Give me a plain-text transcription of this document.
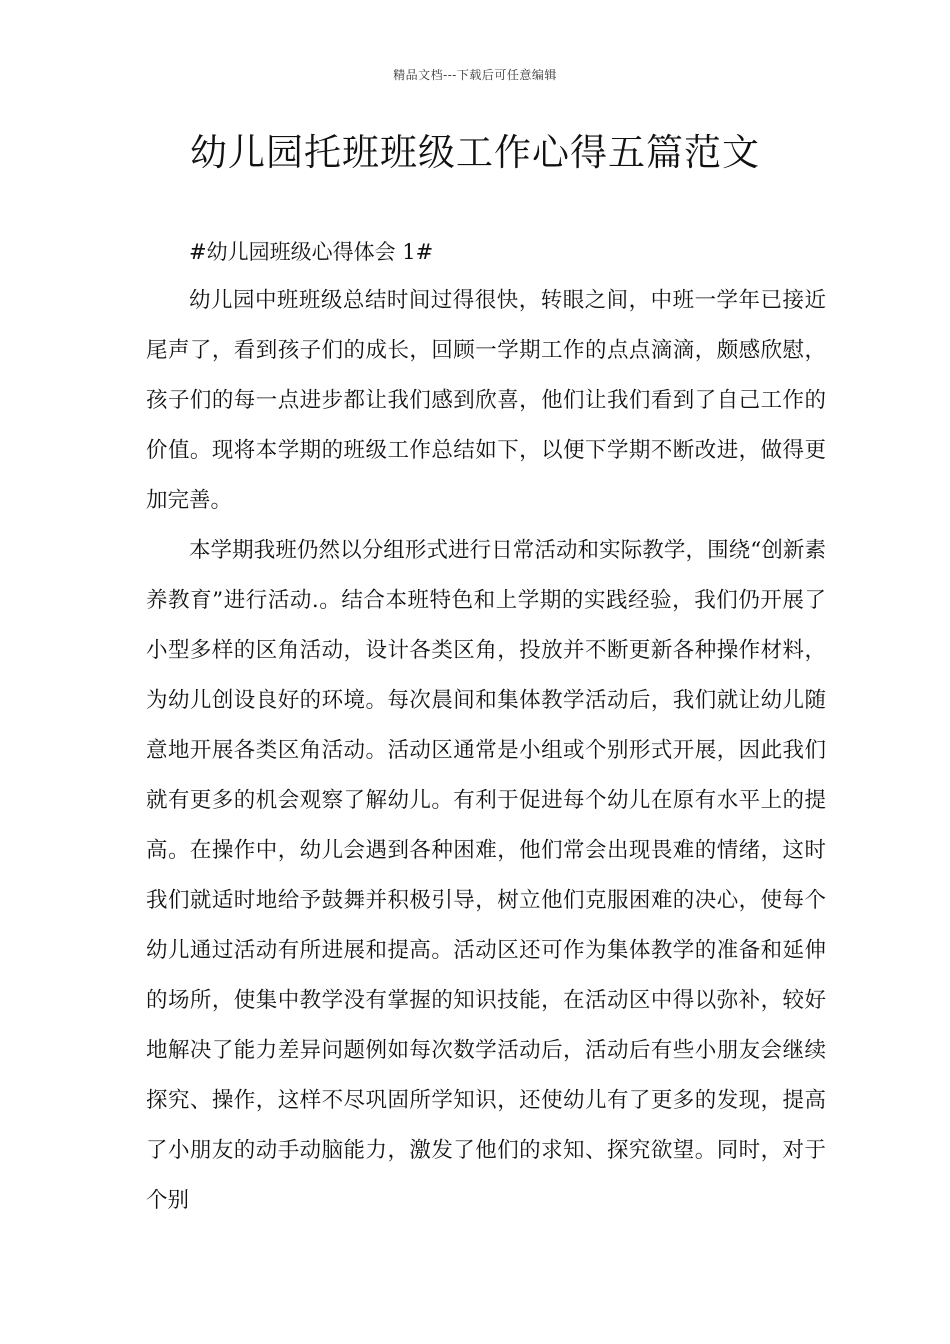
精品文档---下载后可任意编辑
幼儿园托班班级工作心得五篇范文
#幼儿园班级心得体会 1#

幼儿园中班班级总结时间过得很快，转眼之间，中班一学年已接近尾声了，看到孩子们的成长，回顾一学期工作的点点滴滴，颇感欣慰，孩子们的每一点进步都让我们感到欣喜，他们让我们看到了自己工作的价值。现将本学期的班级工作总结如下，以便下学期不断改进，做得更加完善。

本学期我班仍然以分组形式进行日常活动和实际教学，围绕“创新素养教育”进行活动.。结合本班特色和上学期的实践经验，我们仍开展了小型多样的区角活动，设计各类区角，投放并不断更新各种操作材料，为幼儿创设良好的环境。每次晨间和集体教学活动后，我们就让幼儿随意地开展各类区角活动。活动区通常是小组或个别形式开展，因此我们就有更多的机会观察了解幼儿。有利于促进每个幼儿在原有水平上的提高。在操作中，幼儿会遇到各种困难，他们常会出现畏难的情绪，这时我们就适时地给予鼓舞并积极引导，树立他们克服困难的决心，使每个幼儿通过活动有所进展和提高。活动区还可作为集体教学的准备和延伸的场所，使集中教学没有掌握的知识技能，在活动区中得以弥补，较好地解决了能力差异问题例如每次数学活动后，活动后有些小朋友会继续探究、操作，这样不尽巩固所学知识，还使幼儿有了更多的发现，提高了小朋友的动手动脑能力，激发了他们的求知、探究欲望。同时，对于个别
